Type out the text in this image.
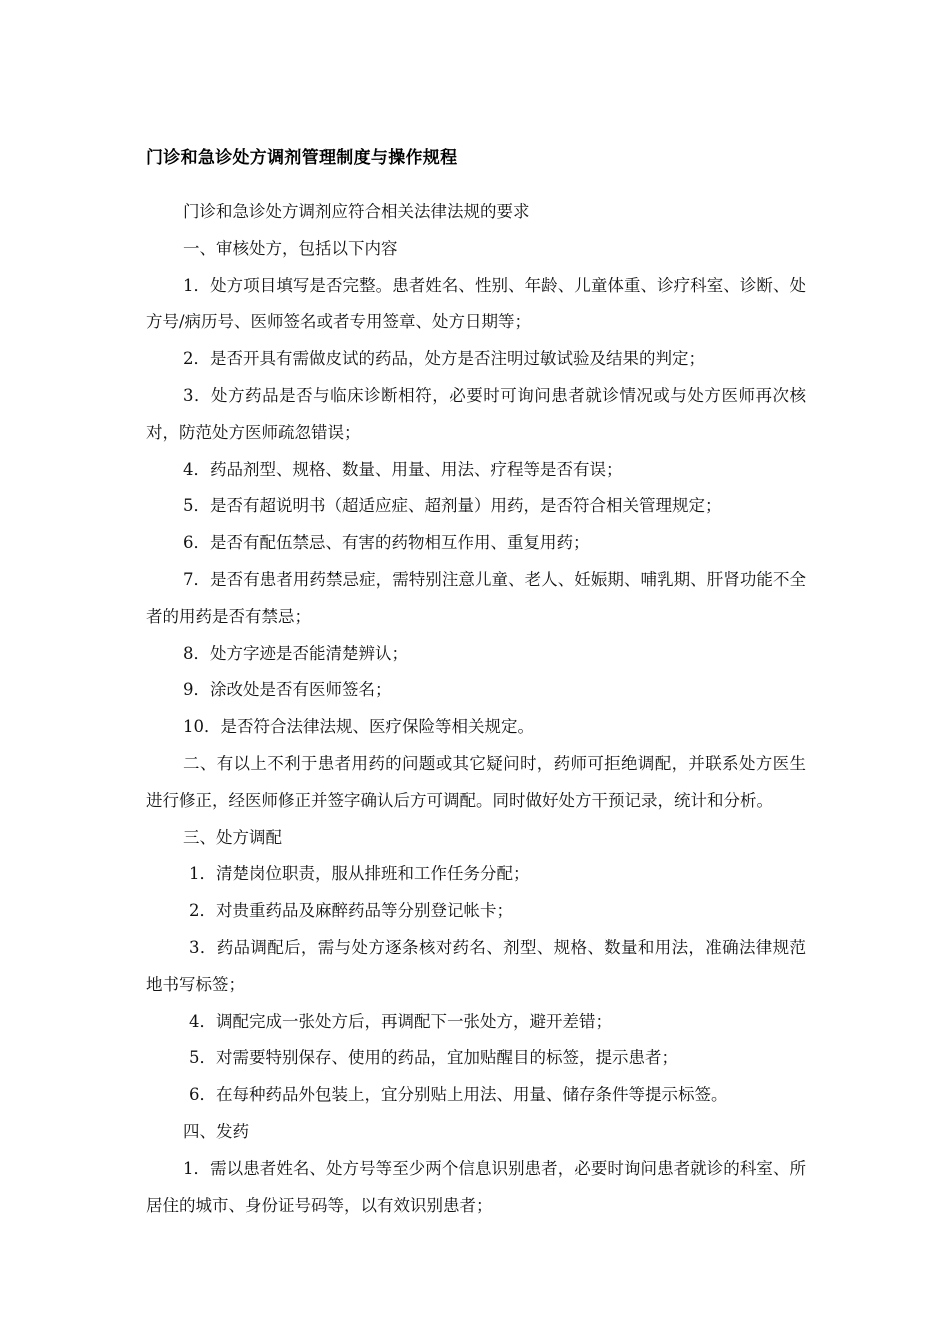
门诊和急诊处方调剂管理制度与操作规程

门诊和急诊处方调剂应符合相关法律法规的要求

一、审核处方，包括以下内容

1．处方项目填写是否完整。患者姓名、性别、年龄、儿童体重、诊疗科室、诊断、处方号/病历号、医师签名或者专用签章、处方日期等；

2．是否开具有需做皮试的药品，处方是否注明过敏试验及结果的判定；

3．处方药品是否与临床诊断相符，必要时可询问患者就诊情况或与处方医师再次核对，防范处方医师疏忽错误；

4．药品剂型、规格、数量、用量、用法、疗程等是否有误；

5．是否有超说明书（超适应症、超剂量）用药，是否符合相关管理规定；

6．是否有配伍禁忌、有害的药物相互作用、重复用药；

7．是否有患者用药禁忌症，需特别注意儿童、老人、妊娠期、哺乳期、肝肾功能不全者的用药是否有禁忌；

8．处方字迹是否能清楚辨认；

9．涂改处是否有医师签名；

10．是否符合法律法规、医疗保险等相关规定。

二、有以上不利于患者用药的问题或其它疑问时，药师可拒绝调配，并联系处方医生进行修正，经医师修正并签字确认后方可调配。同时做好处方干预记录，统计和分析。

三、处方调配

1．清楚岗位职责，服从排班和工作任务分配；

2．对贵重药品及麻醉药品等分别登记帐卡；

3．药品调配后，需与处方逐条核对药名、剂型、规格、数量和用法，准确法律规范地书写标签；

4．调配完成一张处方后，再调配下一张处方，避开差错；

5．对需要特别保存、使用的药品，宜加贴醒目的标签，提示患者；

6．在每种药品外包装上，宜分别贴上用法、用量、储存条件等提示标签。

四、发药

1．需以患者姓名、处方号等至少两个信息识别患者，必要时询问患者就诊的科室、所居住的城市、身份证号码等，以有效识别患者；
